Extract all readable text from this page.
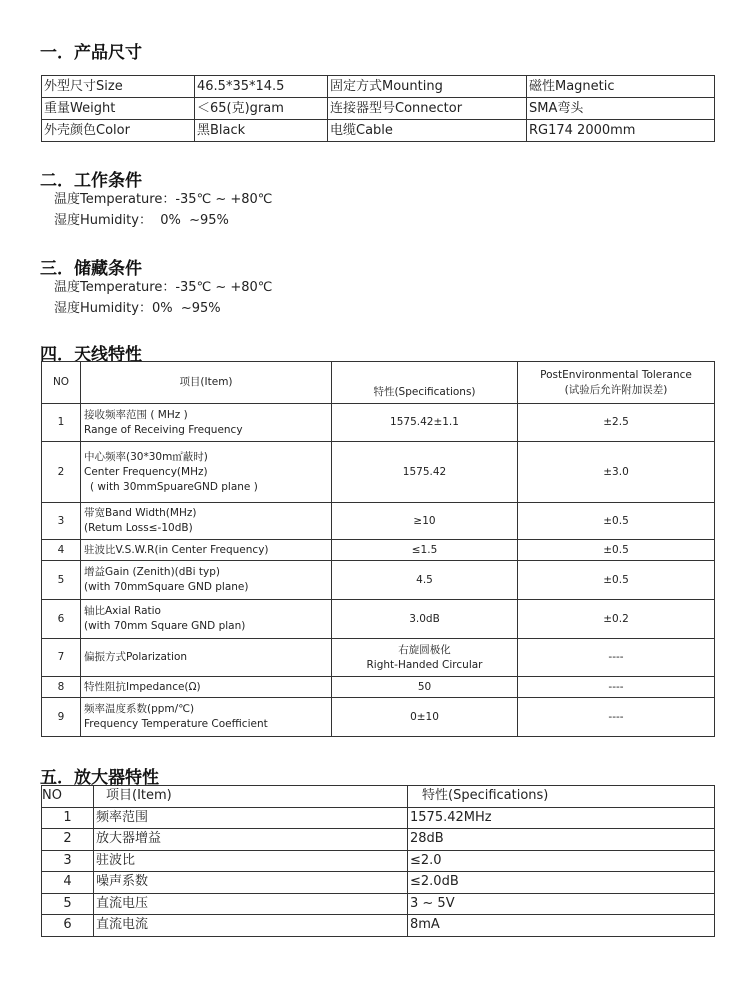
一．产品尺寸
外型尺寸Size	46.5*35*14.5	固定方式Mounting	磁性Magnetic
重量Weight	＜65(克)gram	连接器型号Connector	SMA弯头
外壳颜色Color	黑Black	电缆Cable	RG174 2000mm
二．工作条件
温度Temperature：-35℃ ~ +80℃
湿度Humidity：  0%  ~95%
三．储藏条件
温度Temperature：-35℃ ~ +80℃
湿度Humidity：0%  ~95%
四．天线特性
NO	项目(Item)	特性(Specifications)	PostEnvironmental Tolerance
(试验后允许附加误差)

1	接收频率范围 ( MHz )
Range of Receiving Frequency	1575.42±1.1	±2.5
2	中心频率(30*30m㎡蔽时)
Center Frequency(MHz)
( with 30mmSpuareGND plane )	1575.42	±3.0
3	带宽Band Width(MHz)
(Retum Loss≤-10dB)	≥10	±0.5
4	驻波比V.S.W.R(in Center Frequency)	≤1.5	±0.5
5	增益Gain (Zenith)(dBi typ)
(with 70mmSquare GND plane)	4.5	±0.5
6	轴比Axial Ratio
(with 70mm Square GND plan)	3.0dB	±0.2
7	偏振方式Polarization	右旋圆极化
Right-Handed Circular	----
8	特性阻抗Impedance(Ω)	50	----
9	频率温度系数(ppm/℃)
Frequency Temperature Coefficient	0±10	----
五．放大器特性
NO	项目(Item)	特性(Specifications)
1	频率范围	1575.42MHz
2	放大器增益	28dB
3	驻波比	≤2.0
4	噪声系数	≤2.0dB
5	直流电压	3 ~ 5V
6	直流电流	8mA
